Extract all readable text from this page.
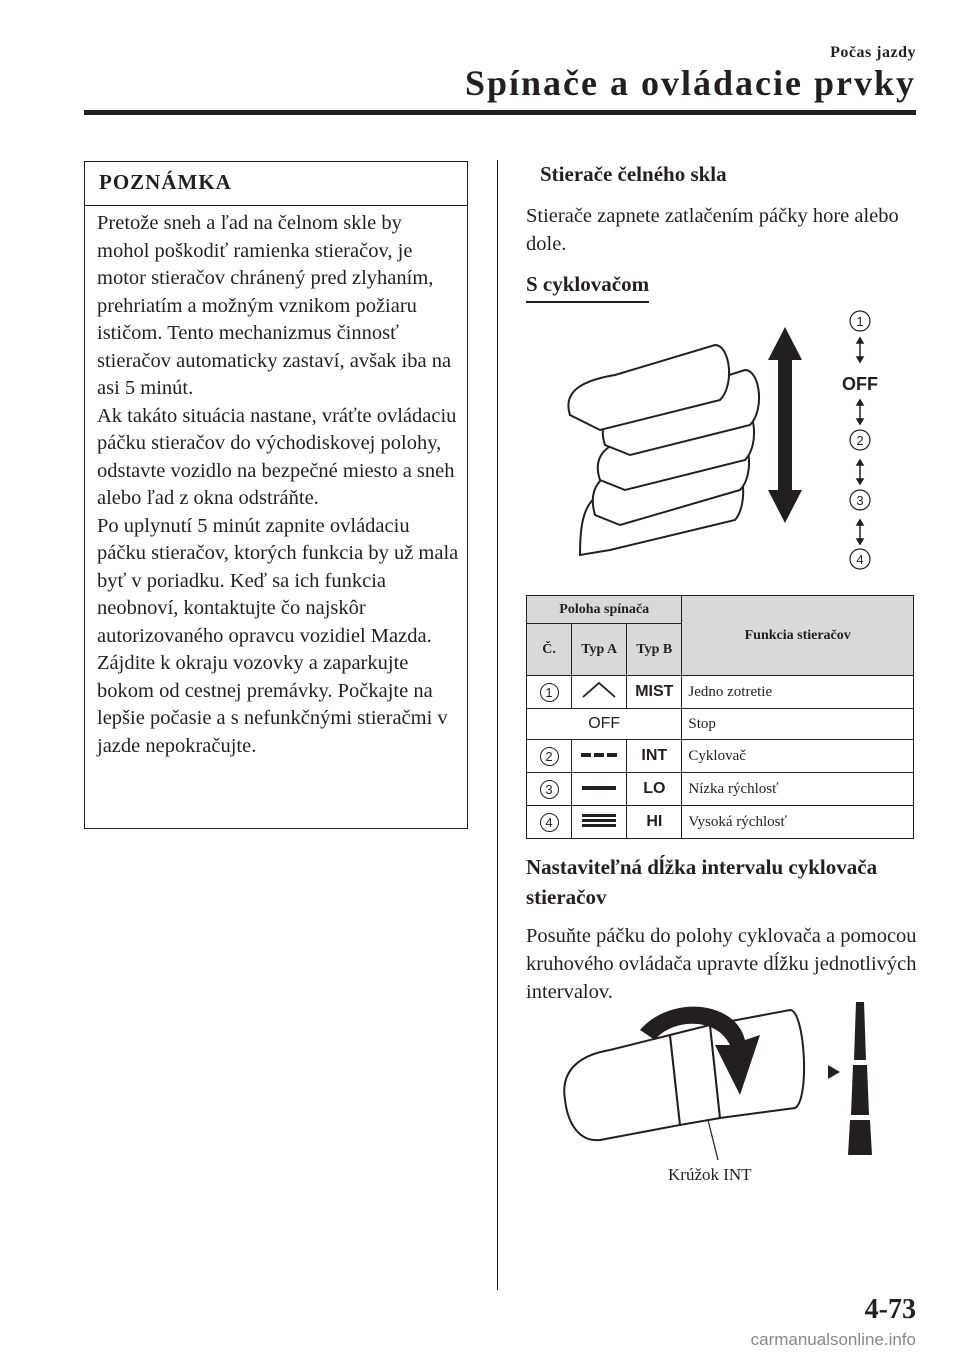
Počas jazdy
Spínače a ovládacie prvky
POZNÁMKA

Pretože sneh a ľad na čelnom skle by mohol poškodiť ramienka stieračov, je motor stieračov chránený pred zlyhaním, prehriatím a možným vznikom požiaru ističom. Tento mechanizmus činnosť stieračov automaticky zastaví, avšak iba na asi 5 minút.

Ak takáto situácia nastane, vráťte ovládaciu páčku stieračov do východiskovej polohy, odstavte vozidlo na bezpečné miesto a sneh alebo ľad z okna odstráňte.

Po uplynutí 5 minút zapnite ovládaciu páčku stieračov, ktorých funkcia by už mala byť v poriadku. Keď sa ich funkcia neobnoví, kontaktujte čo najskôr autorizovaného opravcu vozidiel Mazda. Zájdite k okraju vozovky a zaparkujte bokom od cestnej premávky. Počkajte na lepšie počasie a s nefunkčnými stieračmi v jazde nepokračujte.

Stierače čelného skla
Stierače zapnete zatlačením páčky hore alebo dole.
S cyklovačom
1
OFF
2
3
4
Poloha spínača			Funkcia stieračov
Č.	Typ A	Typ B	
1		MIST	Jedno zotretie
OFF			Stop
2		INT	Cyklovač
3		LO	Nízka rýchlosť
4		HI	Vysoká rýchlosť
Nastaviteľná dĺžka intervalu cyklovača stieračov
Posuňte páčku do polohy cyklovača a pomocou kruhového ovládača upravte dĺžku jednotlivých intervalov.
Krúžok INT
4-73
carmanualsonline.info
